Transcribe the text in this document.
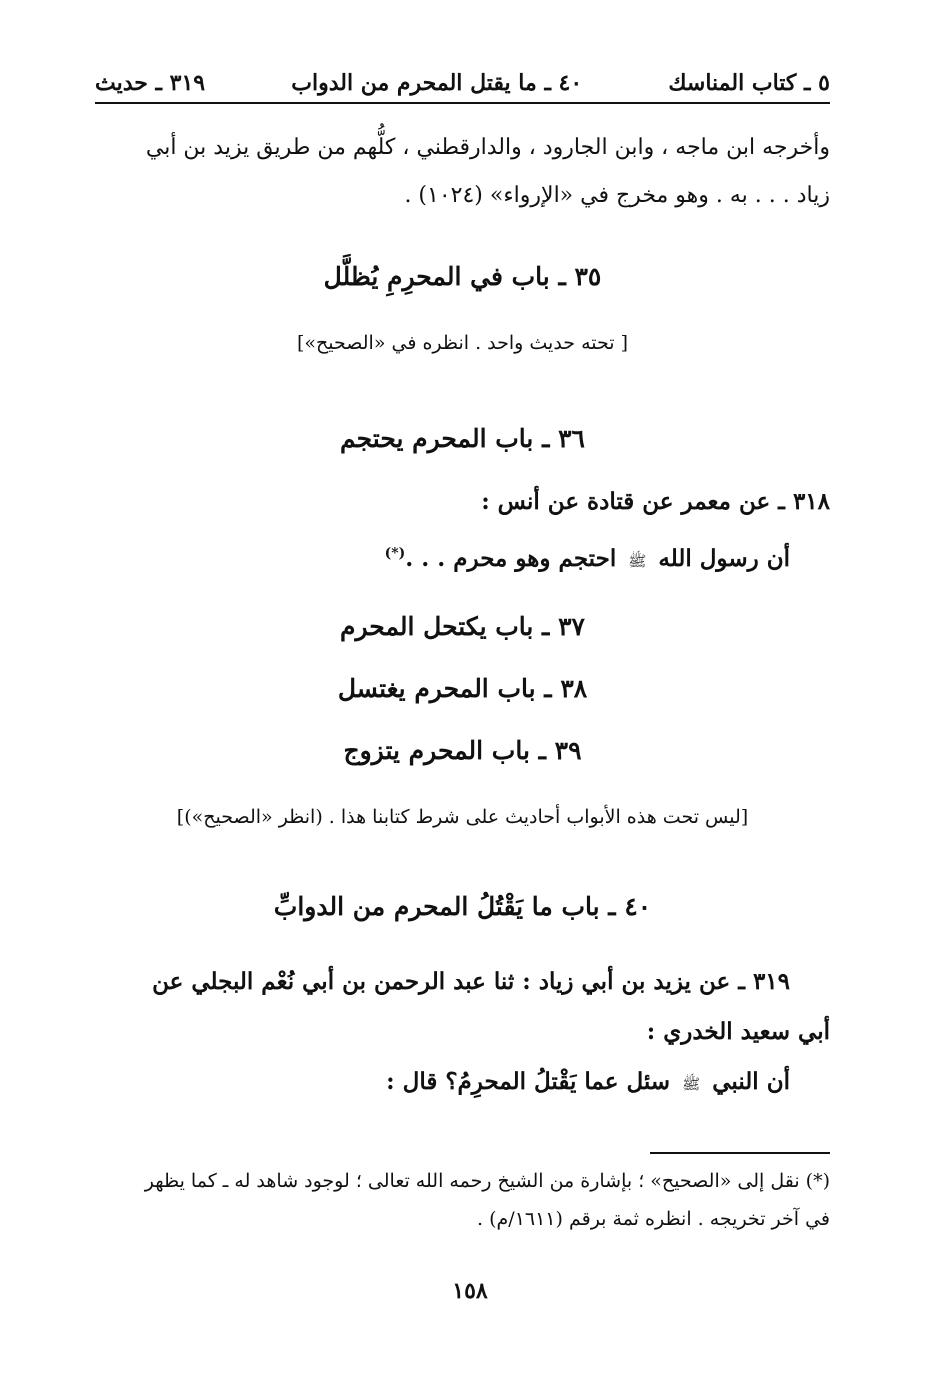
٥ ـ كتاب المناسك
٤٠ ـ ما يقتل المحرم من الدواب
٣١٩ ـ حديث
وأخرجه ابن ماجه ، وابن الجارود ، والدارقطني ، كلُّهم من طريق يزيد بن أبي
زياد . . . به . وهو مخرج في «الإرواء» (١٠٢٤) .
٣٥ ـ باب في المحرِمِ يُظلَّل
[ تحته حديث واحد . انظره في «الصحيح»]
٣٦ ـ باب المحرم يحتجم
٣١٨ ـ عن معمر عن قتادة عن أنس :
أن رسول الله ﷺ احتجم وهو محرم . . .(*)
٣٧ ـ باب يكتحل المحرم
٣٨ ـ باب المحرم يغتسل
٣٩ ـ باب المحرم يتزوج
[ليس تحت هذه الأبواب أحاديث على شرط كتابنا هذا . (انظر «الصحيح»)]
٤٠ ـ باب ما يَقْتُلُ المحرم من الدوابِّ
٣١٩ ـ عن يزيد بن أبي زياد : ثنا عبد الرحمن بن أبي نُعْم البجلي عن
أبي سعيد الخدري :
أن النبي ﷺ سئل عما يَقْتلُ المحرِمُ؟ قال :
(*) نقل إلى «الصحيح» ؛ بإشارة من الشيخ رحمه الله تعالى ؛ لوجود شاهد له ـ كما يظهر
في آخر تخريجه . انظره ثمة برقم (١٦١١/م) .
١٥٨
